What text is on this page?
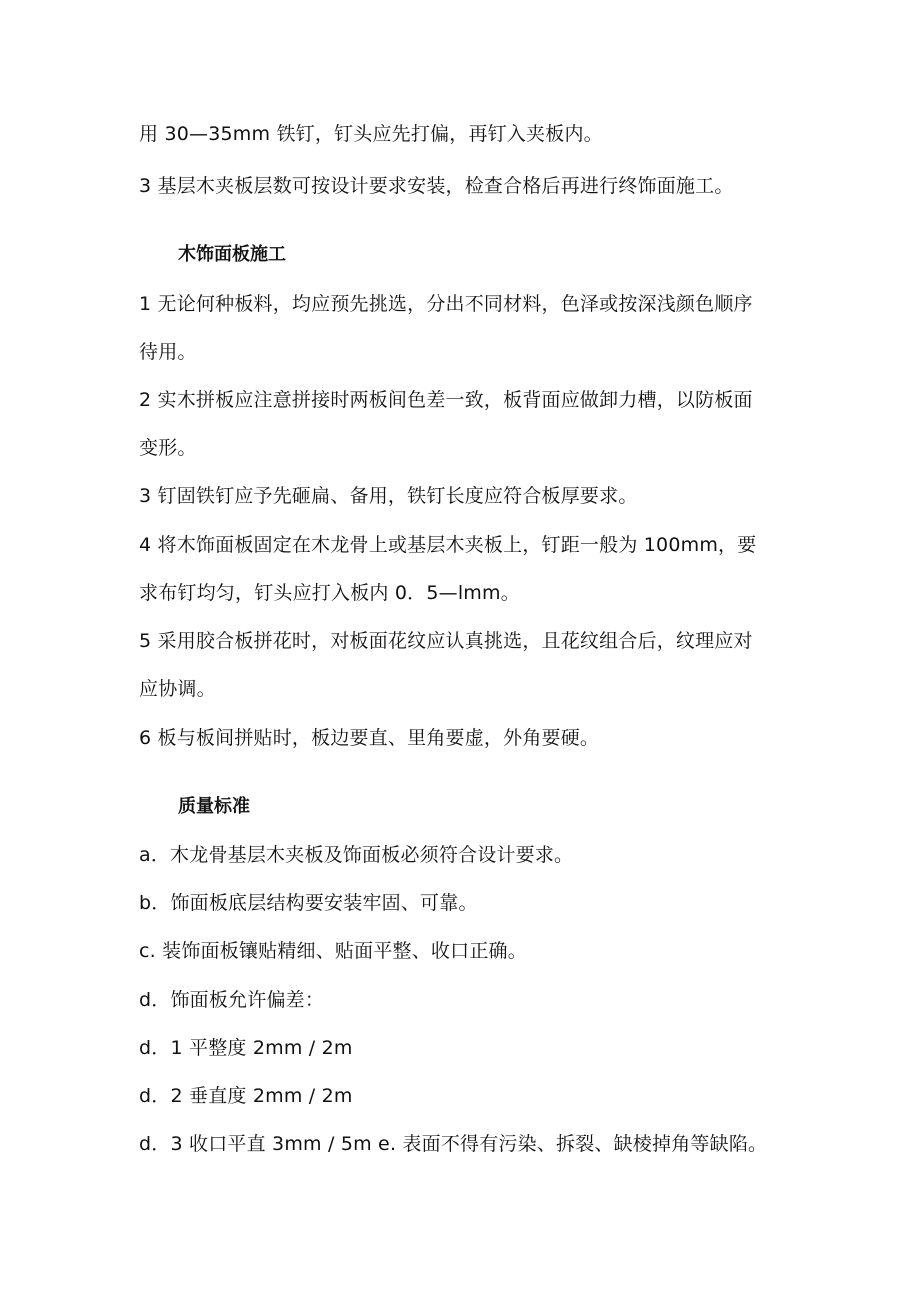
用 30—35mm 铁钉，钉头应先打偏，再钉入夹板内。
3 基层木夹板层数可按设计要求安装，检查合格后再进行终饰面施工。
木饰面板施工
1 无论何种板料，均应预先挑选，分出不同材料，色泽或按深浅颜色顺序
待用。
2 实木拼板应注意拼接时两板间色差一致，板背面应做卸力槽，以防板面
变形。
3 钉固铁钉应予先砸扁、备用，铁钉长度应符合板厚要求。
4 将木饰面板固定在木龙骨上或基层木夹板上，钉距一般为 100mm，要
求布钉均匀，钉头应打入板内 0．5—lmm。
5 采用胶合板拼花时，对板面花纹应认真挑选，且花纹组合后，纹理应对
应协调。
6 板与板间拼贴时，板边要直、里角要虚，外角要硬。
质量标准
a．木龙骨基层木夹板及饰面板必须符合设计要求。
b．饰面板底层结构要安装牢固、可靠。
c. 装饰面板镶贴精细、贴面平整、收口正确。
d．饰面板允许偏差：
d．1 平整度 2mm / 2m
d．2 垂直度 2mm / 2m
d．3 收口平直 3mm / 5m e. 表面不得有污染、拆裂、缺棱掉角等缺陷。
